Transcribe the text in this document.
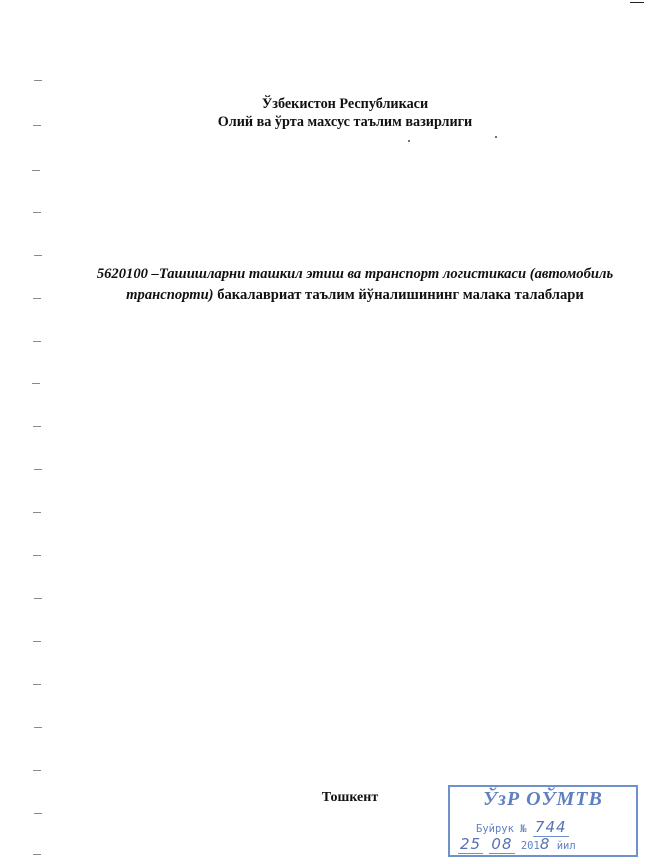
Ўзбекистон Республикаси
Олий ва ўрта махсус таълим вазирлиги
5620100 –Ташишларни ташкил этиш ва транспорт логистикаси (автомобиль транспорти) бакалавриат таълим йўналишининг малака талаблари
Тошкент	ЎзР ОЎМТВ
Буйрук № 744
25 08 2018 йил
